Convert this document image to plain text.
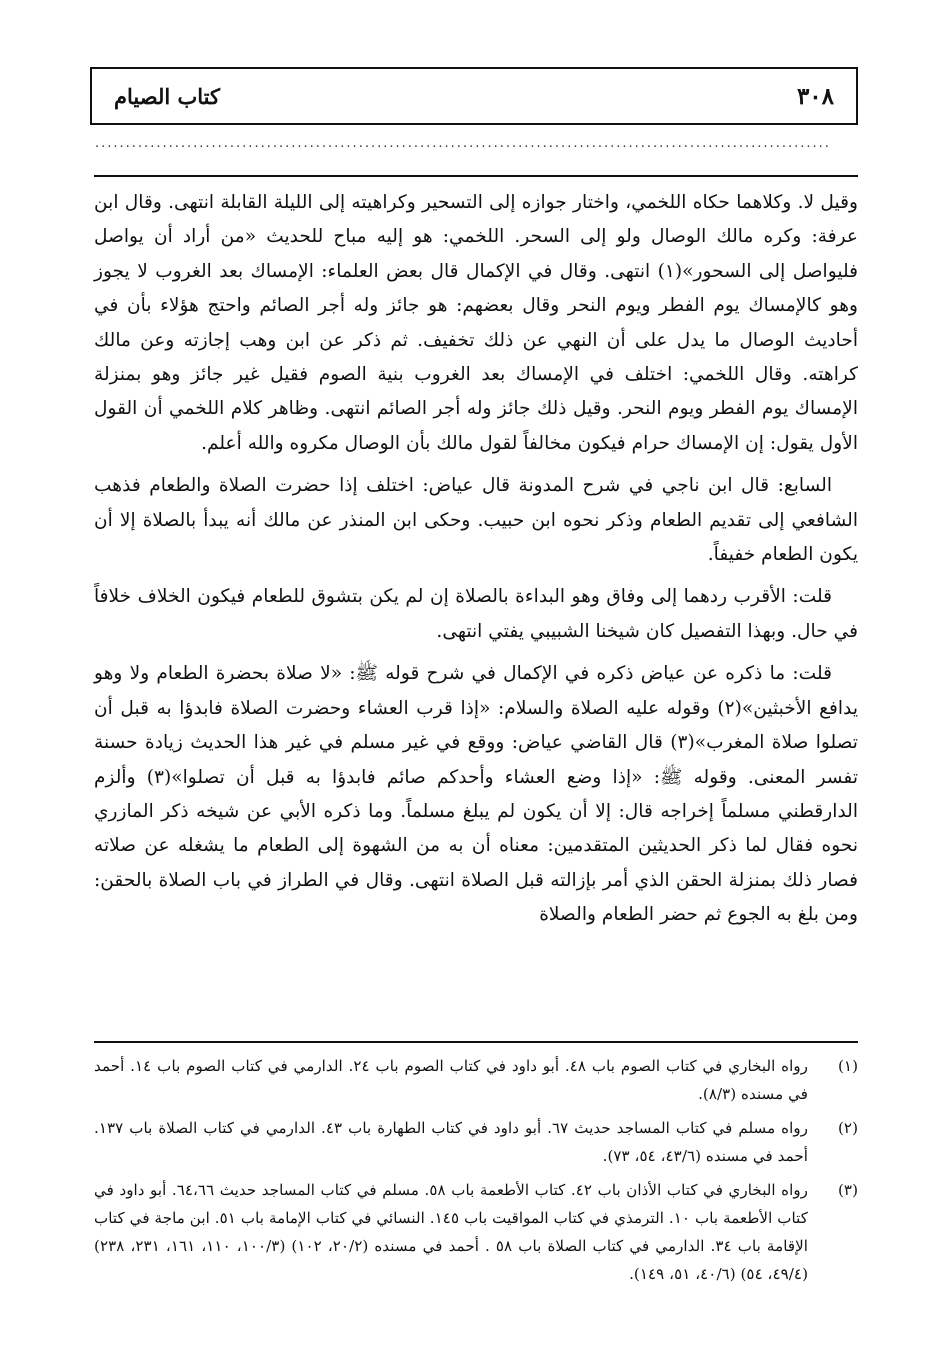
٣٠٨
كتاب الصيام
.....

وقيل لا. وكلاهما حكاه اللخمي، واختار جوازه إلى التسحير وكراهيته إلى الليلة القابلة انتهى. وقال ابن عرفة: وكره مالك الوصال ولو إلى السحر. اللخمي: هو إليه مباح للحديث «من أراد أن يواصل فليواصل إلى السحور»(١) انتهى. وقال في الإكمال قال بعض العلماء: الإمساك بعد الغروب لا يجوز وهو كالإمساك يوم الفطر ويوم النحر وقال بعضهم: هو جائز وله أجر الصائم واحتج هؤلاء بأن في أحاديث الوصال ما يدل على أن النهي عن ذلك تخفيف. ثم ذكر عن ابن وهب إجازته وعن مالك كراهته. وقال اللخمي: اختلف في الإمساك بعد الغروب بنية الصوم فقيل غير جائز وهو بمنزلة الإمساك يوم الفطر ويوم النحر. وقيل ذلك جائز وله أجر الصائم انتهى. وظاهر كلام اللخمي أن القول الأول يقول: إن الإمساك حرام فيكون مخالفاً لقول مالك بأن الوصال مكروه والله أعلم.

السابع: قال ابن ناجي في شرح المدونة قال عياض: اختلف إذا حضرت الصلاة والطعام فذهب الشافعي إلى تقديم الطعام وذكر نحوه ابن حبيب. وحكى ابن المنذر عن مالك أنه يبدأ بالصلاة إلا أن يكون الطعام خفيفاً.

قلت: الأقرب ردهما إلى وفاق وهو البداءة بالصلاة إن لم يكن بتشوق للطعام فيكون الخلاف خلافاً في حال. وبهذا التفصيل كان شيخنا الشبيبي يفتي انتهى.

قلت: ما ذكره عن عياض ذكره في الإكمال في شرح قوله ﷺ: «لا صلاة بحضرة الطعام ولا وهو يدافع الأخبثين»(٢) وقوله عليه الصلاة والسلام: «إذا قرب العشاء وحضرت الصلاة فابدؤا به قبل أن تصلوا صلاة المغرب»(٣) قال القاضي عياض: ووقع في غير مسلم في غير هذا الحديث زيادة حسنة تفسر المعنى. وقوله ﷺ: «إذا وضع العشاء وأحدكم صائم فابدؤا به قبل أن تصلوا»(٣) وألزم الدارقطني مسلماً إخراجه قال: إلا أن يكون لم يبلغ مسلماً. وما ذكره الأبي عن شيخه ذكر المازري نحوه فقال لما ذكر الحديثين المتقدمين: معناه أن به من الشهوة إلى الطعام ما يشغله عن صلاته فصار ذلك بمنزلة الحقن الذي أمر بإزالته قبل الصلاة انتهى. وقال في الطراز في باب الصلاة بالحقن: ومن بلغ به الجوع ثم حضر الطعام والصلاة

(١)
رواه البخاري في كتاب الصوم باب ٤٨. أبو داود في كتاب الصوم باب ٢٤. الدارمي في كتاب الصوم باب ١٤. أحمد في مسنده (٨/٣).
(٢)
رواه مسلم في كتاب المساجد حديث ٦٧. أبو داود في كتاب الطهارة باب ٤٣. الدارمي في كتاب الصلاة باب ١٣٧. أحمد في مسنده (٤٣/٦، ٥٤، ٧٣).
(٣)
رواه البخاري في كتاب الأذان باب ٤٢. كتاب الأطعمة باب ٥٨. مسلم في كتاب المساجد حديث ٦٤،٦٦. أبو داود في كتاب الأطعمة باب ١٠. الترمذي في كتاب المواقيت باب ١٤٥. النسائي في كتاب الإمامة باب ٥١. ابن ماجة في كتاب الإقامة باب ٣٤. الدارمي في كتاب الصلاة باب ٥٨ . أحمد في مسنده (٢٠/٢، ١٠٢) (١٠٠/٣، ١١٠، ١٦١، ٢٣١، ٢٣٨) (٤٩/٤، ٥٤) (٤٠/٦، ٥١، ١٤٩).
